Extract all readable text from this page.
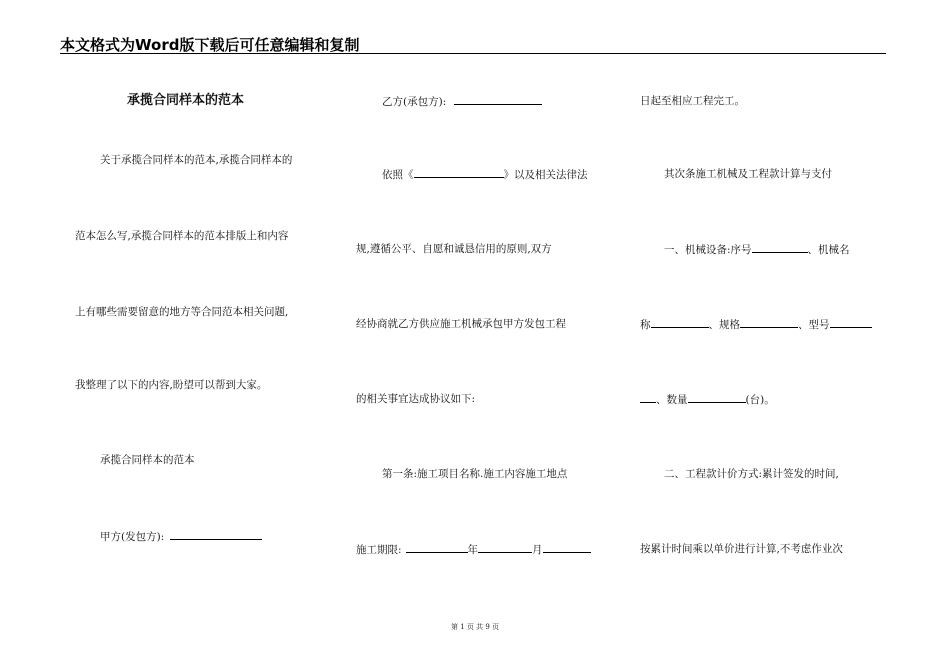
本文格式为Word版下载后可任意编辑和复制
承揽合同样本的范本
关于承揽合同样本的范本,承揽合同样本的
范本怎么写,承揽合同样本的范本排版上和内容
上有哪些需要留意的地方等合同范本相关问题,
我整理了以下的内容,盼望可以帮到大家。
承揽合同样本的范本
甲方(发包方):
乙方(承包方):
依照《	》以及相关法律法
规,遵循公平、自愿和诚恳信用的原则,双方
经协商就乙方供应施工机械承包甲方发包工程
的相关事宜达成协议如下:
第一条:施工项目名称.施工内容施工地点
施工期限:	年	月
日起至相应工程完工。
其次条施工机械及工程款计算与支付
一、机械设备:序号	、机械名
称	、规格	、型号
、数量	(台)。
二、工程款计价方式:累计签发的时间,
按累计时间乘以单价进行计算,不考虑作业次
第 1 页 共 9 页
